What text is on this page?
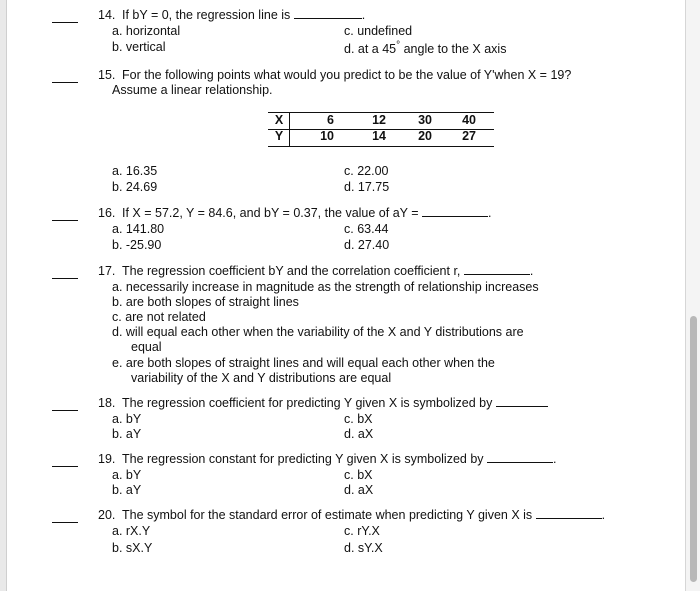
14. If bY = 0, the regression line is	.
a. horizontal
b. vertical
c. undefined
d. at a 45° angle to the X axis
15. For the following points what would you predict to be the value of Y'when X = 19?
Assume a linear relationship.
X	6	12	30	40
Y	10	14	20	27
a. 16.35
b. 24.69
c. 22.00
d. 17.75
16. If X = 57.2, Y = 84.6, and bY = 0.37, the value of aY =	.
a. 141.80
b. -25.90
c. 63.44
d. 27.40
17. The regression coefficient bY and the correlation coefficient r,	.
a. necessarily increase in magnitude as the strength of relationship increases
b. are both slopes of straight lines
c. are not related
d. will equal each other when the variability of the X and Y distributions are
equal
e. are both slopes of straight lines and will equal each other when the
variability of the X and Y distributions are equal
18. The regression coefficient for predicting Y given X is symbolized by
a. bY
b. aY
c. bX
d. aX
19. The regression constant for predicting Y given X is symbolized by	.
a. bY
b. aY
c. bX
d. aX
20. The symbol for the standard error of estimate when predicting Y given X is	.
a. rX.Y
b. sX.Y
c. rY.X
d. sY.X
